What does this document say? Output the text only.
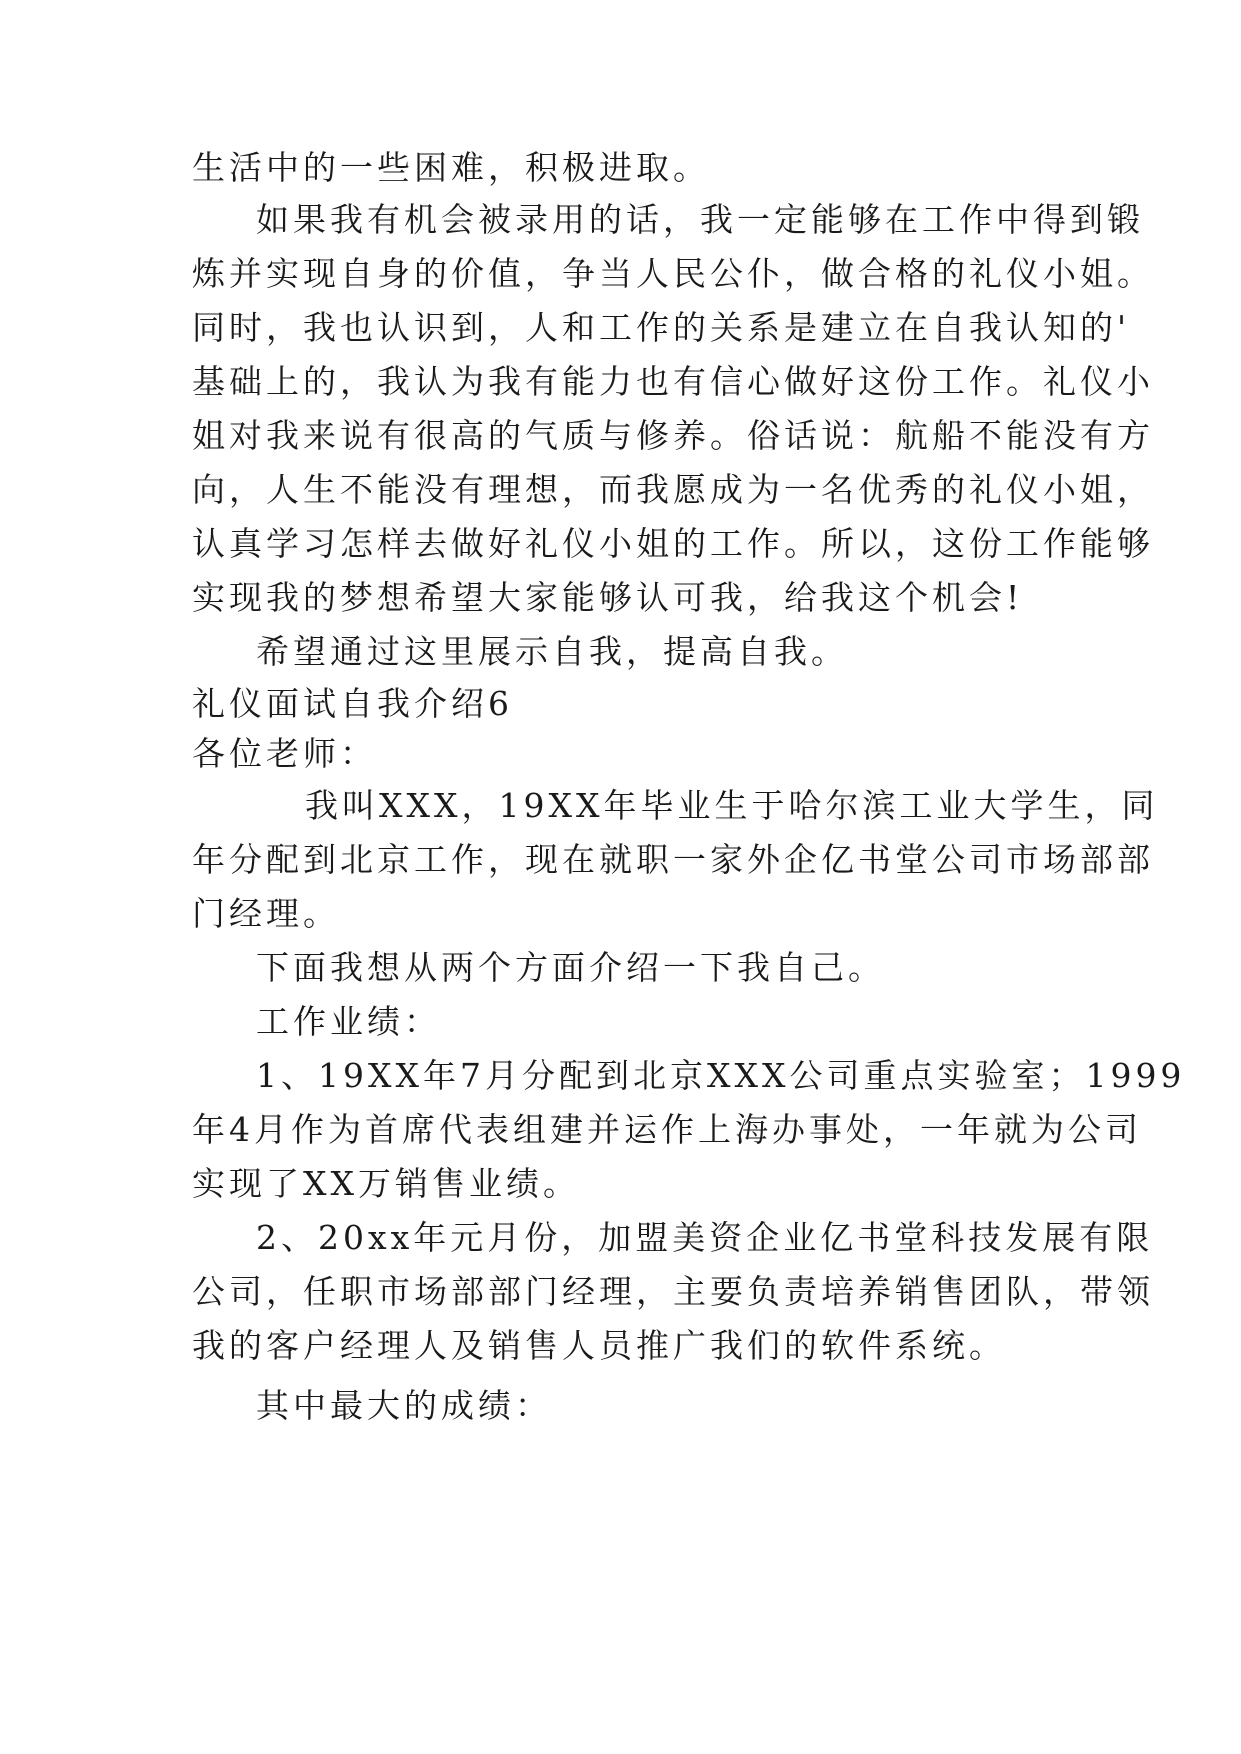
生活中的一些困难，积极进取。

如果我有机会被录用的话，我一定能够在工作中得到锻

炼并实现自身的价值，争当人民公仆，做合格的礼仪小姐。

同时，我也认识到，人和工作的关系是建立在自我认知的'

基础上的，我认为我有能力也有信心做好这份工作。礼仪小

姐对我来说有很高的气质与修养。俗话说：航船不能没有方

向，人生不能没有理想，而我愿成为一名优秀的礼仪小姐，

认真学习怎样去做好礼仪小姐的工作。所以，这份工作能够

实现我的梦想希望大家能够认可我，给我这个机会!

希望通过这里展示自我，提高自我。

礼仪面试自我介绍6

各位老师：

我叫XXX，19XX年毕业生于哈尔滨工业大学生，同

年分配到北京工作，现在就职一家外企亿书堂公司市场部部

门经理。

下面我想从两个方面介绍一下我自己。

工作业绩：

1、19XX年7月分配到北京XXX公司重点实验室；1999

年4月作为首席代表组建并运作上海办事处，一年就为公司

实现了XX万销售业绩。

2、20xx年元月份，加盟美资企业亿书堂科技发展有限

公司，任职市场部部门经理，主要负责培养销售团队，带领

我的客户经理人及销售人员推广我们的软件系统。

其中最大的成绩：
